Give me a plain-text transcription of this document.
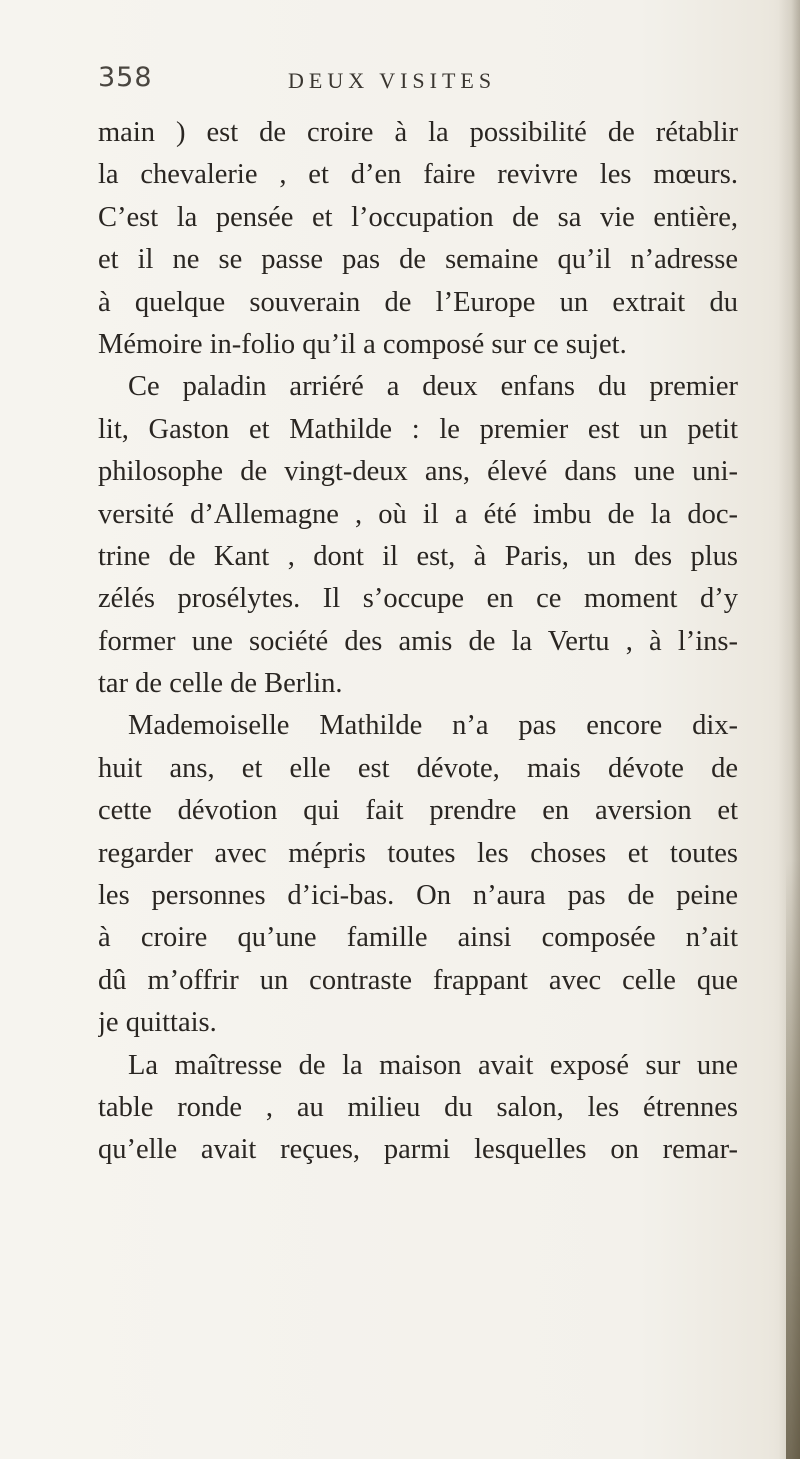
358	DEUX VISITES
main ) est de croire à la possibilité de rétablir
la chevalerie , et d’en faire revivre les mœurs.
C’est la pensée et l’occupation de sa vie entière,
et il ne se passe pas de semaine qu’il n’adresse
à quelque souverain de l’Europe un extrait du
Mémoire in-folio qu’il a composé sur ce sujet.
Ce paladin arriéré a deux enfans du premier
lit, Gaston et Mathilde : le premier est un petit
philosophe de vingt-deux ans, élevé dans une uni-
versité d’Allemagne , où il a été imbu de la doc-
trine de Kant , dont il est, à Paris, un des plus
zélés prosélytes. Il s’occupe en ce moment d’y
former une société des amis de la Vertu , à l’ins-
tar de celle de Berlin.
Mademoiselle Mathilde n’a pas encore dix-
huit ans, et elle est dévote, mais dévote de
cette dévotion qui fait prendre en aversion et
regarder avec mépris toutes les choses et toutes
les personnes d’ici-bas. On n’aura pas de peine
à croire qu’une famille ainsi composée n’ait
dû m’offrir un contraste frappant avec celle que
je quittais.
La maîtresse de la maison avait exposé sur une
table ronde , au milieu du salon, les étrennes
qu’elle avait reçues, parmi lesquelles on remar-
